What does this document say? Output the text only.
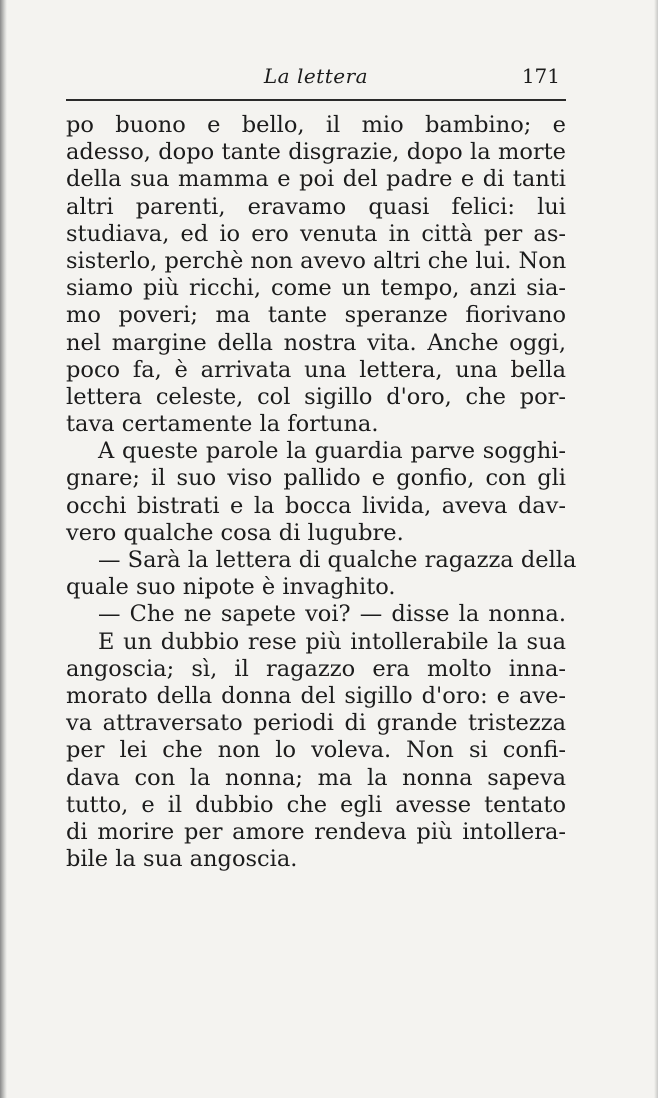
La lettera	171

po buono e bello, il mio bambino; e
adesso, dopo tante disgrazie, dopo la morte
della sua mamma e poi del padre e di tanti
altri parenti, eravamo quasi felici: lui
studiava, ed io ero venuta in città per as-
sisterlo, perchè non avevo altri che lui. Non
siamo più ricchi, come un tempo, anzi sia-
mo poveri; ma tante speranze fiorivano
nel margine della nostra vita. Anche oggi,
poco fa, è arrivata una lettera, una bella
lettera celeste, col sigillo d'oro, che por-
tava certamente la fortuna.

A queste parole la guardia parve sogghi-
gnare; il suo viso pallido e gonfio, con gli
occhi bistrati e la bocca livida, aveva dav-
vero qualche cosa di lugubre.

— Sarà la lettera di qualche ragazza della
quale suo nipote è invaghito.

— Che ne sapete voi? — disse la nonna.

E un dubbio rese più intollerabile la sua
angoscia; sì, il ragazzo era molto inna-
morato della donna del sigillo d'oro: e ave-
va attraversato periodi di grande tristezza
per lei che non lo voleva. Non si confi-
dava con la nonna; ma la nonna sapeva
tutto, e il dubbio che egli avesse tentato
di morire per amore rendeva più intollera-
bile la sua angoscia.
